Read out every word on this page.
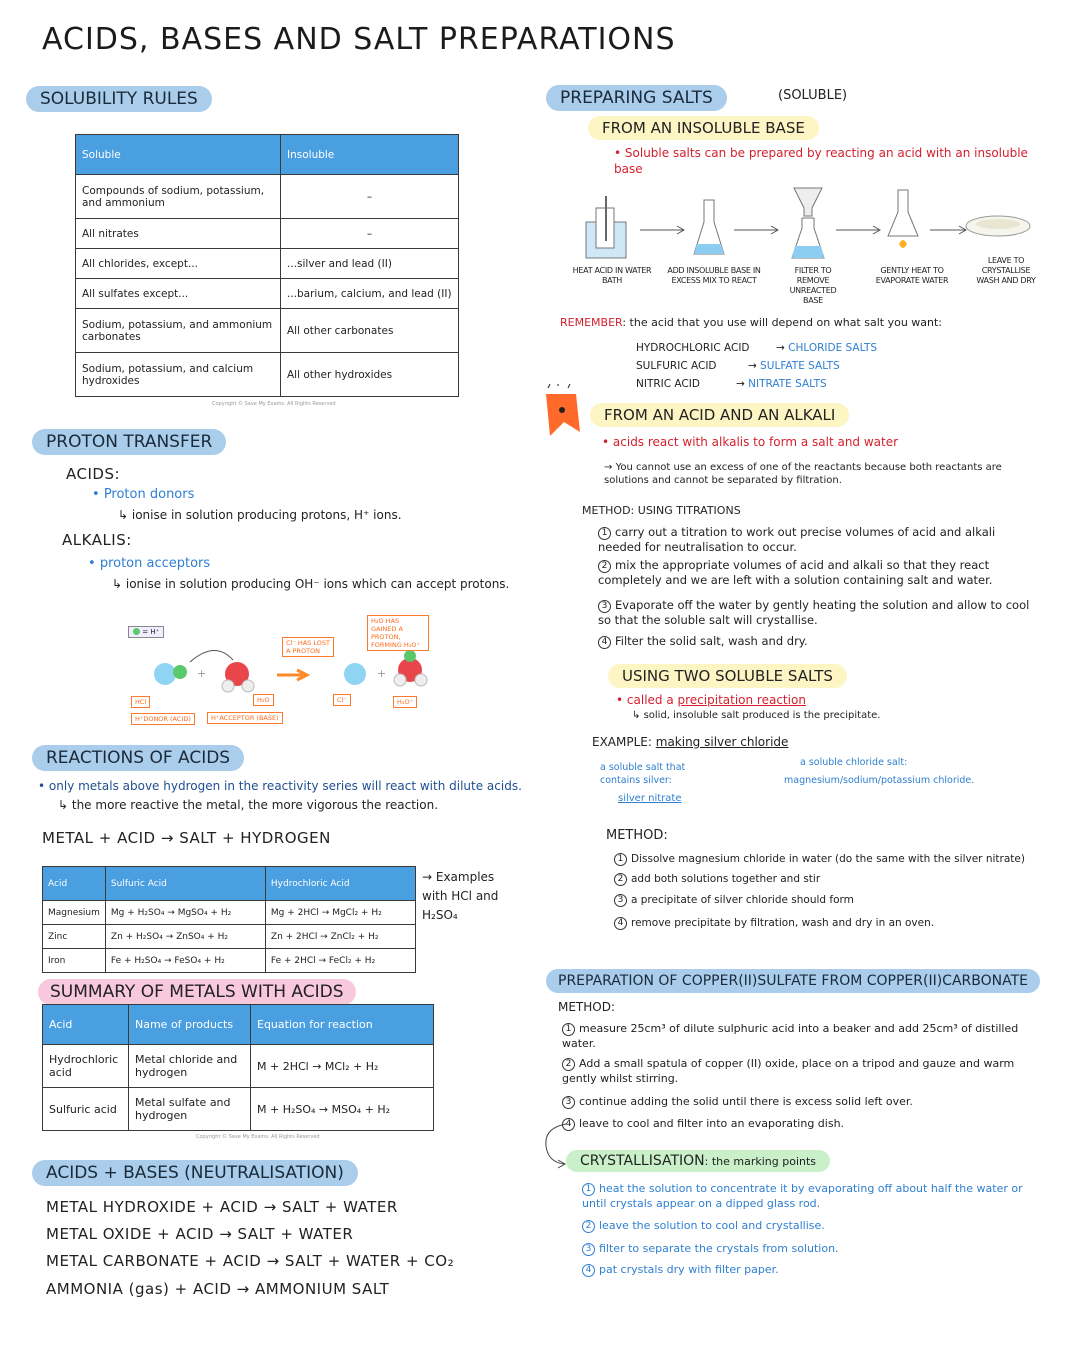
ACIDS, BASES AND SALT PREPARATIONS
SOLUBILITY RULES
Soluble	Insoluble
Compounds of sodium, potassium, and ammonium	–
All nitrates	–
All chlorides, except...	...silver and lead (II)
All sulfates except...	...barium, calcium, and lead (II)
Sodium, potassium, and ammonium carbonates	All other carbonates
Sodium, potassium, and calcium hydroxides	All other hydroxides
Copyright © Save My Exams. All Rights Reserved
PROTON TRANSFER
ACIDS:
• Proton donors
↳ ionise in solution producing protons, H⁺ ions.
ALKALIS:
• proton acceptors
↳ ionise in solution producing OH⁻ ions which can accept protons.
= H⁺
+	+
HCl	H₂O	Cl⁻	H₃O⁺
H⁺DONOR (ACID)	H⁺ACCEPTOR (BASE)
Cl⁻ HAS LOST A PROTON
H₂O HAS GAINED A PROTON, FORMING H₃O⁺
REACTIONS OF ACIDS
• only metals above hydrogen in the reactivity series will react with dilute acids.
↳ the more reactive the metal, the more vigorous the reaction.
METAL + ACID → SALT + HYDROGEN
Acid	Sulfuric Acid	Hydrochloric Acid
Magnesium	Mg + H₂SO₄ → MgSO₄ + H₂	Mg + 2HCl → MgCl₂ + H₂
Zinc	Zn + H₂SO₄ → ZnSO₄ + H₂	Zn + 2HCl → ZnCl₂ + H₂
Iron	Fe + H₂SO₄ → FeSO₄ + H₂	Fe + 2HCl → FeCl₂ + H₂
→ Examples with HCl and H₂SO₄
SUMMARY OF METALS WITH ACIDS
Acid	Name of products	Equation for reaction
Hydrochloric acid	Metal chloride and hydrogen	M + 2HCl → MCl₂ + H₂
Sulfuric acid	Metal sulfate and hydrogen	M + H₂SO₄ → MSO₄ + H₂
Copyright © Save My Exams. All Rights Reserved
ACIDS + BASES (NEUTRALISATION)
METAL HYDROXIDE + ACID → SALT + WATER
METAL OXIDE + ACID → SALT + WATER
METAL CARBONATE + ACID → SALT + WATER + CO₂
AMMONIA (gas) + ACID → AMMONIUM SALT
PREPARING SALTS	(SOLUBLE)
FROM AN INSOLUBLE BASE
• Soluble salts can be prepared by reacting an acid with an insoluble base
HEAT ACID IN WATER BATH
ADD INSOLUBLE BASE IN EXCESS MIX TO REACT
FILTER TO REMOVE UNREACTED BASE
GENTLY HEAT TO EVAPORATE WATER
LEAVE TO CRYSTALLISE WASH AND DRY
REMEMBER: the acid that you use will depend on what salt you want:
HYDROCHLORIC ACID	→ CHLORIDE SALTS
SULFURIC ACID	→ SULFATE SALTS
NITRIC ACID	→ NITRATE SALTS
FROM AN ACID AND AN ALKALI
• acids react with alkalis to form a salt and water
→ You cannot use an excess of one of the reactants because both reactants are solutions and cannot be separated by filtration.
METHOD: USING TITRATIONS
1 carry out a titration to work out precise volumes of acid and alkali needed for neutralisation to occur.
2 mix the appropriate volumes of acid and alkali so that they react completely and we are left with a solution containing salt and water.
3 Evaporate off the water by gently heating the solution and allow to cool so that the soluble salt will crystallise.
4 Filter the solid salt, wash and dry.
USING TWO SOLUBLE SALTS
• called a precipitation reaction
↳ solid, insoluble salt produced is the precipitate.
EXAMPLE: making silver chloride
a soluble salt that contains silver:
silver nitrate
a soluble chloride salt:
magnesium/sodium/potassium chloride.
METHOD:
1 Dissolve magnesium chloride in water (do the same with the silver nitrate)
2 add both solutions together and stir
3 a precipitate of silver chloride should form
4 remove precipitate by filtration, wash and dry in an oven.
PREPARATION OF COPPER(II)SULFATE FROM COPPER(II)CARBONATE
METHOD:
1 measure 25cm³ of dilute sulphuric acid into a beaker and add 25cm³ of distilled water.
2 Add a small spatula of copper (II) oxide, place on a tripod and gauze and warm gently whilst stirring.
3 continue adding the solid until there is excess solid left over.
4 leave to cool and filter into an evaporating dish.
CRYSTALLISATION: the marking points
1 heat the solution to concentrate it by evaporating off about half the water or until crystals appear on a dipped glass rod.
2 leave the solution to cool and crystallise.
3 filter to separate the crystals from solution.
4 pat crystals dry with filter paper.
